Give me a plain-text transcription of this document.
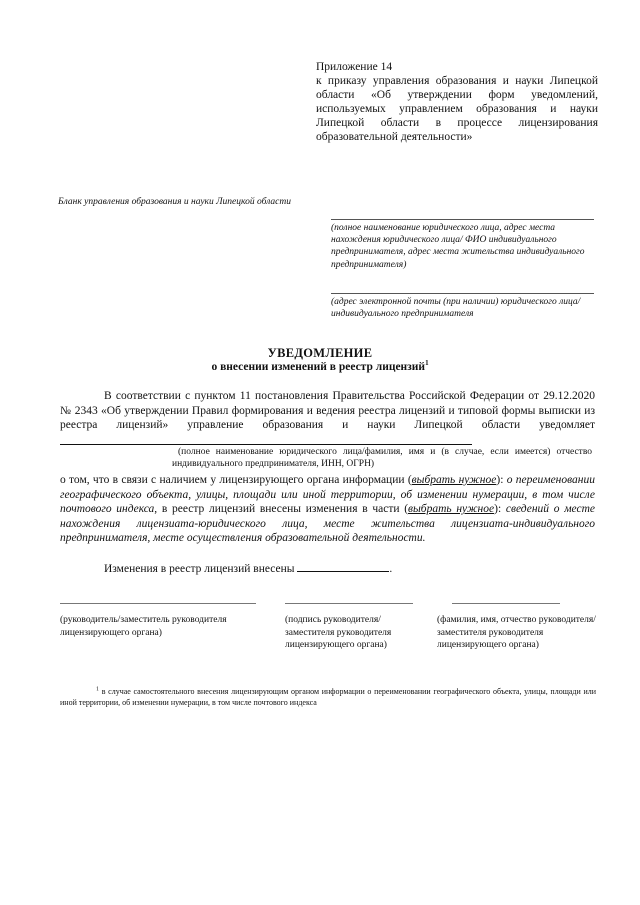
Приложение 14
к приказу управления образования и науки Липецкой области «Об утверждении форм уведомлений, используемых управлением образования и науки Липецкой области в процессе лицензирования образовательной деятельности»
Бланк управления образования и науки Липецкой области
(полное наименование юридического лица, адрес места нахождения юридического лица/ ФИО индивидуального предпринимателя, адрес места жительства индивидуального предпринимателя)
(адрес электронной почты (при наличии) юридического лица/индивидуального предпринимателя
УВЕДОМЛЕНИЕ
о внесении изменений в реестр лицензий$^1$
В соответствии с пунктом 11 постановления Правительства Российской Федерации от 29.12.2020 № 2343 «Об утверждении Правил формирования и ведения реестра лицензий и типовой формы выписки из реестра лицензий» управление образования и науки Липецкой области уведомляет
(полное наименование юридического лица/фамилия, имя и (в случае, если имеется) отчество индивидуального предпринимателя, ИНН, ОГРН)
о том, что в связи с наличием у лицензирующего органа информации (выбрать нужное): о переименовании географического объекта, улицы, площади или иной территории, об изменении нумерации, в том числе почтового индекса, в реестр лицензий внесены изменения в части (выбрать нужное): сведений о месте нахождения лицензиата-юридического лица, месте жительства лицензиата-индивидуального предпринимателя, месте осуществления образовательной деятельности.
Изменения в реестр лицензий внесены	.
(руководитель/заместитель руководителя лицензирующего органа)
(подпись руководителя/заместителя руководителя лицензирующего органа)
(фамилия, имя, отчество руководителя/заместителя руководителя лицензирующего органа)
$^1$ в случае самостоятельного внесения лицензирующим органом информации о переименовании географического объекта, улицы, площади или иной территории, об изменении нумерации, в том числе почтового индекса
